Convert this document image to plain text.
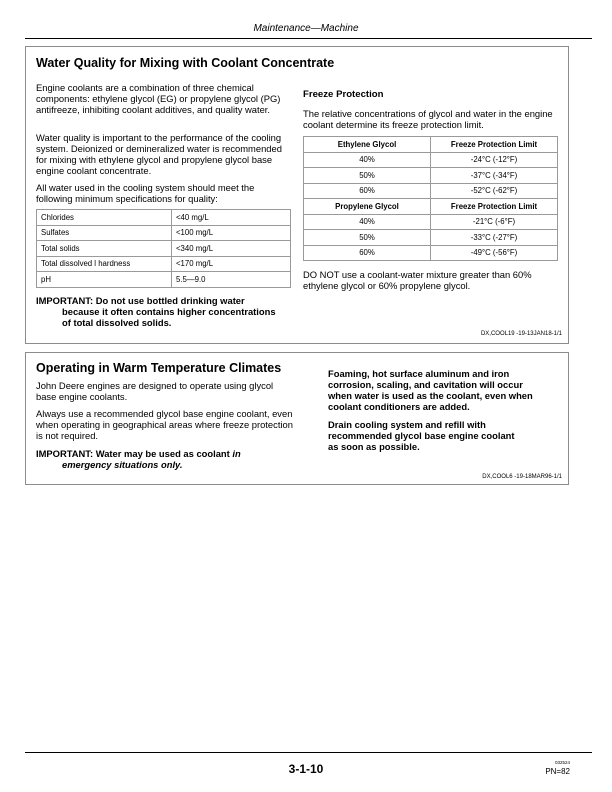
Maintenance—Machine
Water Quality for Mixing with Coolant Concentrate
Engine coolants are a combination of three chemical components: ethylene glycol (EG) or propylene glycol (PG) antifreeze, inhibiting coolant additives, and quality water.
Water quality is important to the performance of the cooling system. Deionized or demineralized water is recommended for mixing with ethylene glycol and propylene glycol base engine coolant concentrate.
All water used in the cooling system should meet the following minimum specifications for quality:
Chlorides	<40 mg/L
Sulfates	<100 mg/L
Total solids	<340 mg/L
Total dissolved l hardness	<170 mg/L
pH	5.5—9.0
IMPORTANT: Do not use bottled drinking water
because it often contains higher concentrations
of total dissolved solids.
Freeze Protection
The relative concentrations of glycol and water in the engine coolant determine its freeze protection limit.
Ethylene Glycol	Freeze Protection Limit
40%	-24°C (-12°F)
50%	-37°C (-34°F)
60%	-52°C (-62°F)
Propylene Glycol	Freeze Protection Limit
40%	-21°C (-6°F)
50%	-33°C (-27°F)
60%	-49°C (-56°F)
DO NOT use a coolant-water mixture greater than 60% ethylene glycol or 60% propylene glycol.
DX,COOL19 -19-13JAN18-1/1
Operating in Warm Temperature Climates
John Deere engines are designed to operate using glycol base engine coolants.
Always use a recommended glycol base engine coolant, even when operating in geographical areas where freeze protection is not required.
IMPORTANT: Water may be used as coolant in
emergency situations only.
Foaming, hot surface aluminum and iron
corrosion, scaling, and cavitation will occur
when water is used as the coolant, even when
coolant conditioners are added.
Drain cooling system and refill with
recommended glycol base engine coolant
as soon as possible.
DX,COOL6 -19-18MAR96-1/1
3-1-10	032524
PN=82
